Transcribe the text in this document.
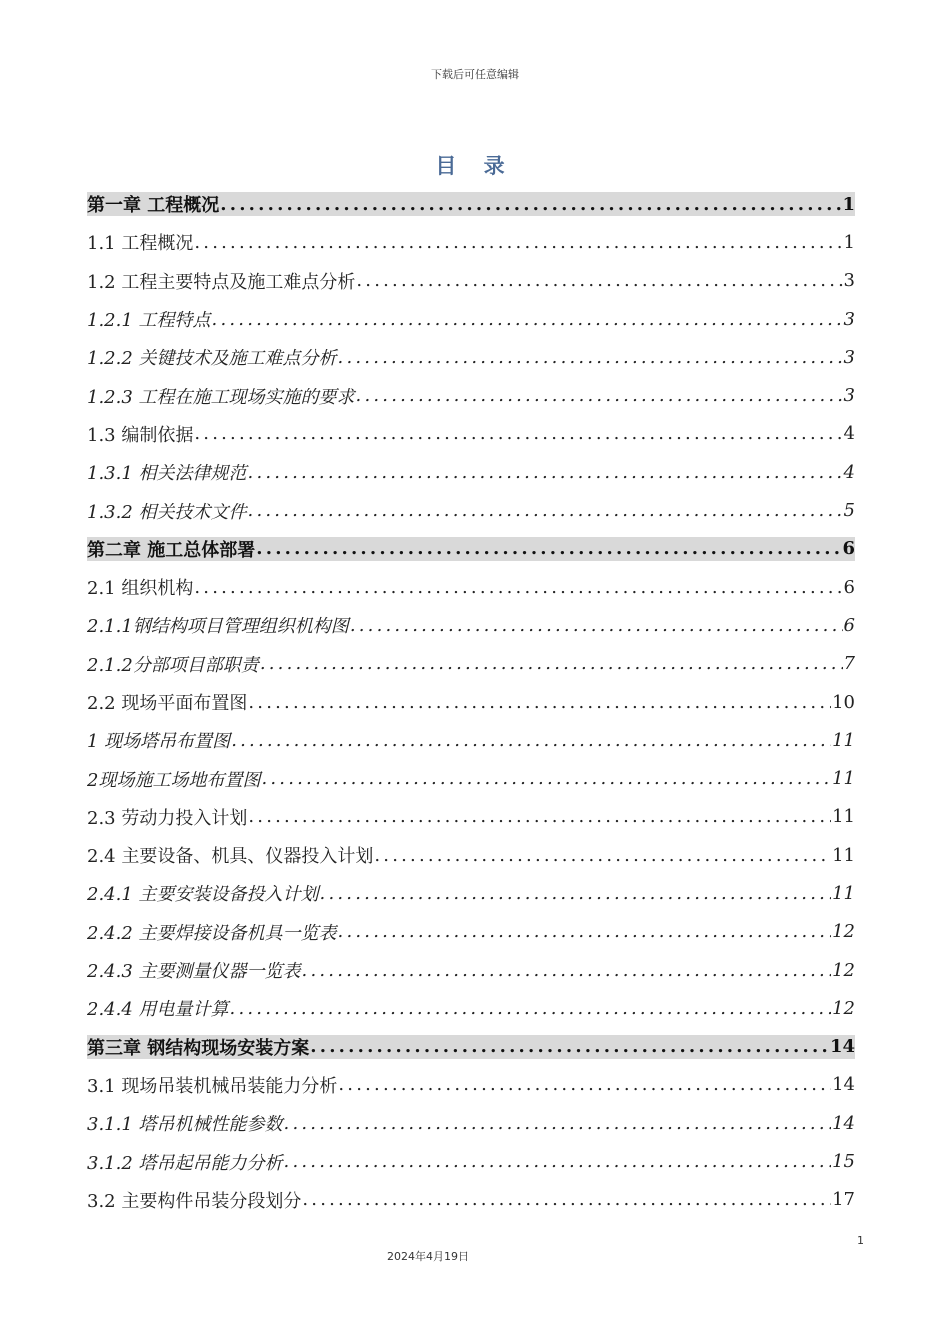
下载后可任意编辑
目 录
第一章 工程概况 .....	1
1.1 工程概况 .....	1
1.2 工程主要特点及施工难点分析 .....	3
1.2.1 工程特点 .....	3
1.2.2 关键技术及施工难点分析 .....	3
1.2.3 工程在施工现场实施的要求 .....	3
1.3 编制依据 .....	4
1.3.1 相关法律规范 .....	4
1.3.2 相关技术文件 .....	5
第二章 施工总体部署 .....	6
2.1 组织机构 .....	6
2.1.1钢结构项目管理组织机构图 .....	6
2.1.2分部项目部职责 .....	7
2.2 现场平面布置图 .....	10
1 现场塔吊布置图 .....	11
2现场施工场地布置图 .....	11
2.3 劳动力投入计划 .....	11
2.4 主要设备、机具、仪器投入计划 .....	11
2.4.1 主要安装设备投入计划 .....	11
2.4.2 主要焊接设备机具一览表 .....	12
2.4.3 主要测量仪器一览表 .....	12
2.4.4 用电量计算 .....	12
第三章 钢结构现场安装方案 .....	14
3.1 现场吊装机械吊装能力分析 .....	14
3.1.1 塔吊机械性能参数 .....	14
3.1.2 塔吊起吊能力分析 .....	15
3.2 主要构件吊装分段划分 .....	17
1
2024年4月19日
